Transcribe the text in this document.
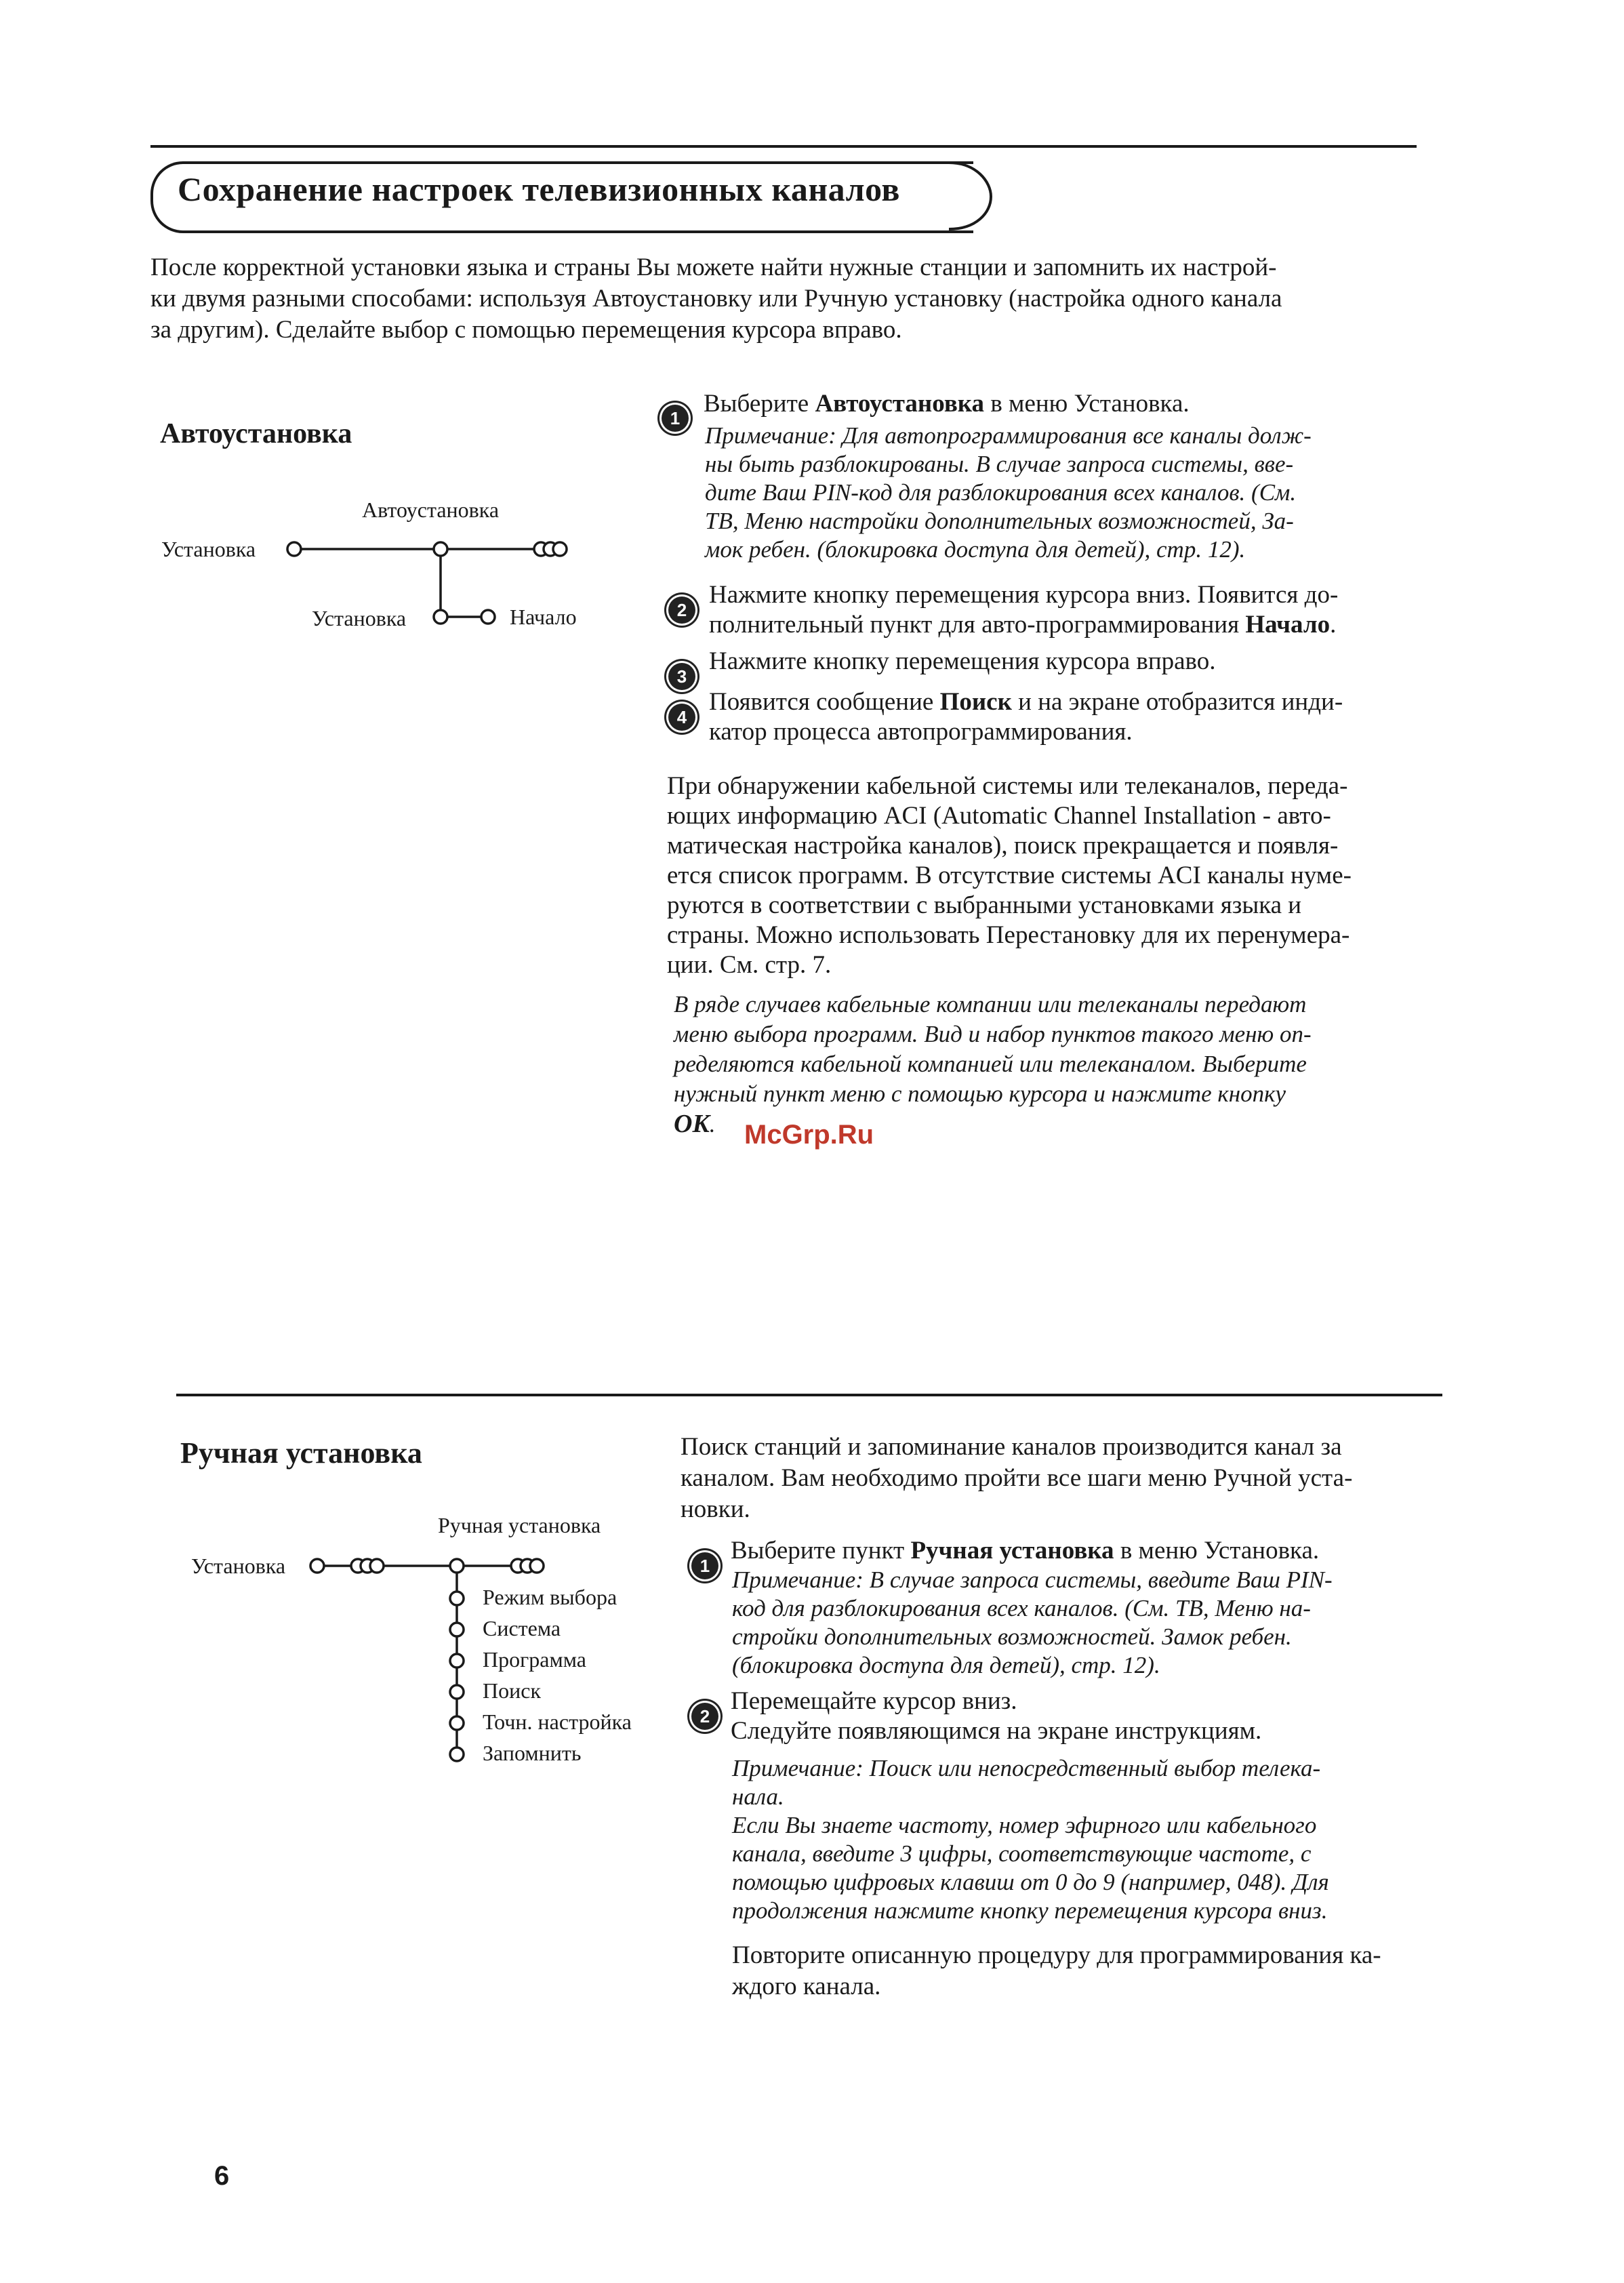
Сохранение настроек телевизионных каналов

После корректной установки языка и страны Вы можете найти нужные станции и запомнить их настрой-

ки двумя разными способами: используя Автоустановку или Ручную установку (настройка одного канала

за другим). Сделайте выбор с помощью перемещения курсора вправо.

Автоустановка
Установка
Автоустановка
Установка	Начало
1
Выберите Автоустановка в меню Установка.
Примечание: Для автопрограммирования все каналы долж-
ны быть разблокированы. В случае запроса системы, вве-
дите Ваш PIN-код для разблокирования всех каналов. (См.
ТВ, Меню настройки дополнительных возможностей, За-
мок ребен. (блокировка доступа для детей), стр. 12).
2
Нажмите кнопку перемещения курсора вниз. Появится до-
полнительный пункт для авто-программирования Начало.
3
Нажмите кнопку перемещения курсора вправо.
4
Появится сообщение Поиск и на экране отобразится инди-
катор процесса автопрограммирования.

При обнаружении кабельной системы или телеканалов, переда-

ющих информацию ACI (Automatic Channel Installation - авто-

матическая настройка каналов), поиск прекращается и появля-

ется список программ. В отсутствие системы ACI каналы нуме-

руются в соответствии с выбранными установками языка и

страны. Можно использовать Перестановку для их перенумера-

ции. См. стр. 7.

В ряде случаев кабельные компании или телеканалы передают
меню выбора программ. Вид и набор пунктов такого меню оп-
ределяются кабельной компанией или телеканалом. Выберите
нужный пункт меню с помощью курсора и нажмите кнопку
OK.	McGrp.Ru
Ручная установка	Поиск станций и запоминание каналов производится канал за

каналом. Вам необходимо пройти все шаги меню Ручной уста-

новки.

Установка
Ручная установка
Режим выбора
Система
Программа
Поиск
Точн. настройка
Запомнить
1
Выберите пункт Ручная установка в меню Установка.
Примечание: В случае запроса системы, введите Ваш PIN-
код для разблокирования всех каналов. (См. ТВ, Меню на-
стройки дополнительных возможностей. Замок ребен.
(блокировка доступа для детей), стр. 12).
2
Перемещайте курсор вниз.
Следуйте появляющимся на экране инструкциям.
Примечание: Поиск или непосредственный выбор телека-
нала.
Если Вы знаете частоту, номер эфирного или кабельного
канала, введите 3 цифры, соответствующие частоте, с
помощью цифровых клавиш от 0 до 9 (например, 048). Для
продолжения нажмите кнопку перемещения курсора вниз.

Повторите описанную процедуру для программирования ка-

ждого канала.

6
